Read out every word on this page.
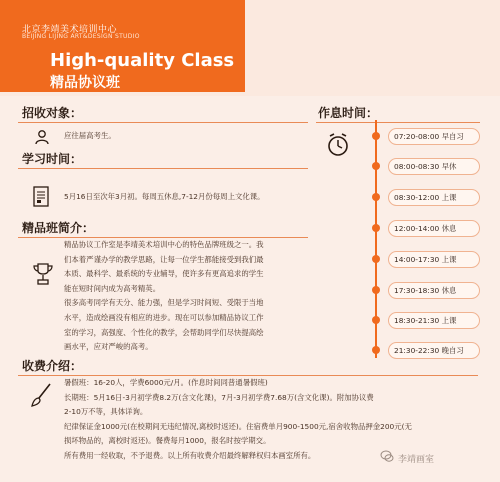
北京李靖美术培训中心
BEIJING LIJING ART&DESIGN STUDIO
High-quality Class
精品协议班
招收对象：
应往届高考生。
学习时间：
5月16日至次年3月初。每周五休息,7-12月份每周上文化课。
精品班简介：

精品协议工作室是李靖美术培训中心的特色品牌班级之一。我

们本着严谨办学的教学思路，让每一位学生都能接受到我们最

本质、最科学、最系统的专业辅导，使许多有更高追求的学生

能在短时间内成为高考精英。

很多高考同学有天分、能力强，但是学习时间短、受限于当地

水平，造成绘画没有相应的进步。现在可以参加精品协议工作

室的学习，高强度、个性化的教学，会帮助同学们尽快提高绘

画水平，应对严峻的高考。

收费介绍：

暑假班：16-20人，学费6000元/月。(作息时间同普通暑假班)

长期班：5月16日-3月初学费8.2万(含文化课)，7月-3月初学费7.68万(含文化课)。附加协议费

2-10万不等，具体详询。

纪律保证金1000元(在校期间无违纪情况,离校时返还)。住宿费单月900-1500元,宿舍收物品押金200元(无

损坏物品的，离校时返还)。餐费每月1000，报名时按学期交。

所有费用一经收取，不予退费。以上所有收费介绍最终解释权归本画室所有。

作息时间：
07:20-08:00 早自习
08:00-08:30 早休
08:30-12:00 上课
12:00-14:00 休息
14:00-17:30 上课
17:30-18:30 休息
18:30-21:30 上课
21:30-22:30 晚自习
李靖画室
